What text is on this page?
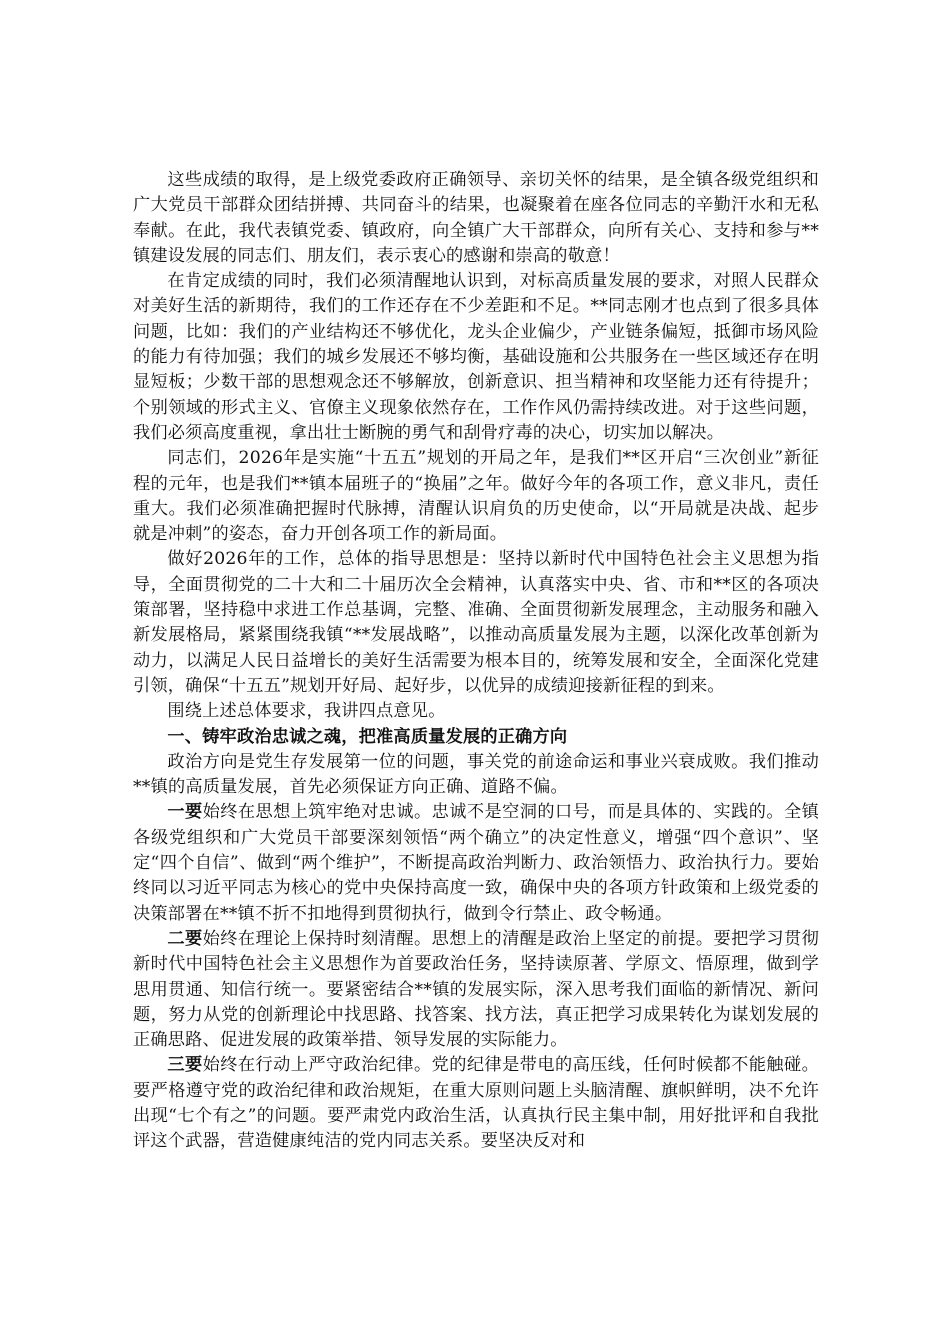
这些成绩的取得，是上级党委政府正确领导、亲切关怀的结果，是全镇各级党组织和广大党员干部群众团结拼搏、共同奋斗的结果，也凝聚着在座各位同志的辛勤汗水和无私奉献。在此，我代表镇党委、镇政府，向全镇广大干部群众，向所有关心、支持和参与**镇建设发展的同志们、朋友们，表示衷心的感谢和崇高的敬意！

在肯定成绩的同时，我们必须清醒地认识到，对标高质量发展的要求，对照人民群众对美好生活的新期待，我们的工作还存在不少差距和不足。**同志刚才也点到了很多具体问题，比如：我们的产业结构还不够优化，龙头企业偏少，产业链条偏短，抵御市场风险的能力有待加强；我们的城乡发展还不够均衡，基础设施和公共服务在一些区域还存在明显短板；少数干部的思想观念还不够解放，创新意识、担当精神和攻坚能力还有待提升；个别领域的形式主义、官僚主义现象依然存在，工作作风仍需持续改进。对于这些问题，我们必须高度重视，拿出壮士断腕的勇气和刮骨疗毒的决心，切实加以解决。

同志们，2026年是实施“十五五”规划的开局之年，是我们**区开启“三次创业”新征程的元年，也是我们**镇本届班子的“换届”之年。做好今年的各项工作，意义非凡，责任重大。我们必须准确把握时代脉搏，清醒认识肩负的历史使命，以“开局就是决战、起步就是冲刺”的姿态，奋力开创各项工作的新局面。

做好2026年的工作，总体的指导思想是：坚持以新时代中国特色社会主义思想为指导，全面贯彻党的二十大和二十届历次全会精神，认真落实中央、省、市和**区的各项决策部署，坚持稳中求进工作总基调，完整、准确、全面贯彻新发展理念，主动服务和融入新发展格局，紧紧围绕我镇“**发展战略”，以推动高质量发展为主题，以深化改革创新为动力，以满足人民日益增长的美好生活需要为根本目的，统筹发展和安全，全面深化党建引领，确保“十五五”规划开好局、起好步，以优异的成绩迎接新征程的到来。

围绕上述总体要求，我讲四点意见。

一、铸牢政治忠诚之魂，把准高质量发展的正确方向

政治方向是党生存发展第一位的问题，事关党的前途命运和事业兴衰成败。我们推动**镇的高质量发展，首先必须保证方向正确、道路不偏。

一要始终在思想上筑牢绝对忠诚。忠诚不是空洞的口号，而是具体的、实践的。全镇各级党组织和广大党员干部要深刻领悟“两个确立”的决定性意义，增强“四个意识”、坚定“四个自信”、做到“两个维护”，不断提高政治判断力、政治领悟力、政治执行力。要始终同以习近平同志为核心的党中央保持高度一致，确保中央的各项方针政策和上级党委的决策部署在**镇不折不扣地得到贯彻执行，做到令行禁止、政令畅通。

二要始终在理论上保持时刻清醒。思想上的清醒是政治上坚定的前提。要把学习贯彻新时代中国特色社会主义思想作为首要政治任务，坚持读原著、学原文、悟原理，做到学思用贯通、知信行统一。要紧密结合**镇的发展实际，深入思考我们面临的新情况、新问题，努力从党的创新理论中找思路、找答案、找方法，真正把学习成果转化为谋划发展的正确思路、促进发展的政策举措、领导发展的实际能力。

三要始终在行动上严守政治纪律。党的纪律是带电的高压线，任何时候都不能触碰。要严格遵守党的政治纪律和政治规矩，在重大原则问题上头脑清醒、旗帜鲜明，决不允许出现“七个有之”的问题。要严肃党内政治生活，认真执行民主集中制，用好批评和自我批评这个武器，营造健康纯洁的党内同志关系。要坚决反对和
